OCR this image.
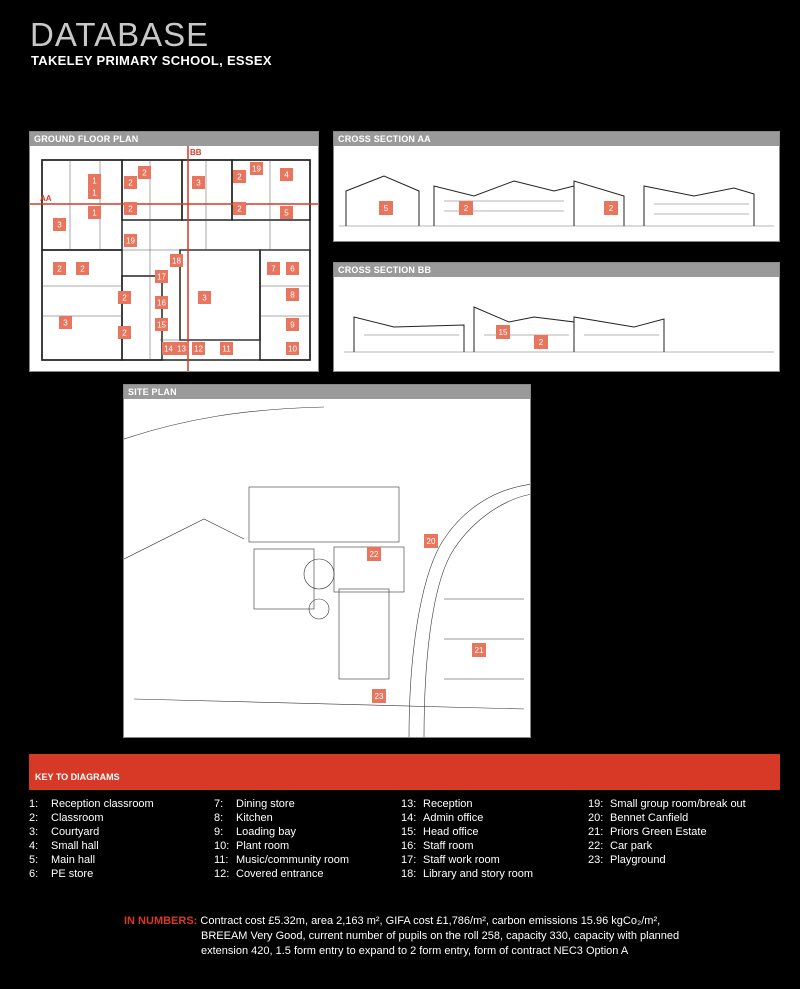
DATABASE
TAKELEY PRIMARY SCHOOL, ESSEX
GROUND FLOOR PLAN
AA
BB
1
2
3
2
19
4
3
1	2	2	5
1
19
18
17
16
15
14 13 12 11
3
2
2
2
3
2	7 6
8
9
10
2
CROSS SECTION AA
5	2	2
CROSS SECTION BB
15
2
SITE PLAN
22
20
21
23
KEY TO DIAGRAMS
1: Reception classroom
2: Classroom
3: Courtyard
4: Small hall
5: Main hall
6: PE store
7: Dining store
8: Kitchen
9: Loading bay
10: Plant room
11: Music/community room
12: Covered entrance
13: Reception
14: Admin office
15: Head office
16: Staff room
17: Staff work room
18: Library and story room
19: Small group room/break out
20: Bennet Canfield
21: Priors Green Estate
22: Car park
23: Playground
IN NUMBERS: Contract cost £5.32m, area 2,163 m², GIFA cost £1,786/m², carbon emissions 15.96 kgCo₂/m²,
BREEAM Very Good, current number of pupils on the roll 258, capacity 330, capacity with planned
extension 420, 1.5 form entry to expand to 2 form entry, form of contract NEC3 Option A
